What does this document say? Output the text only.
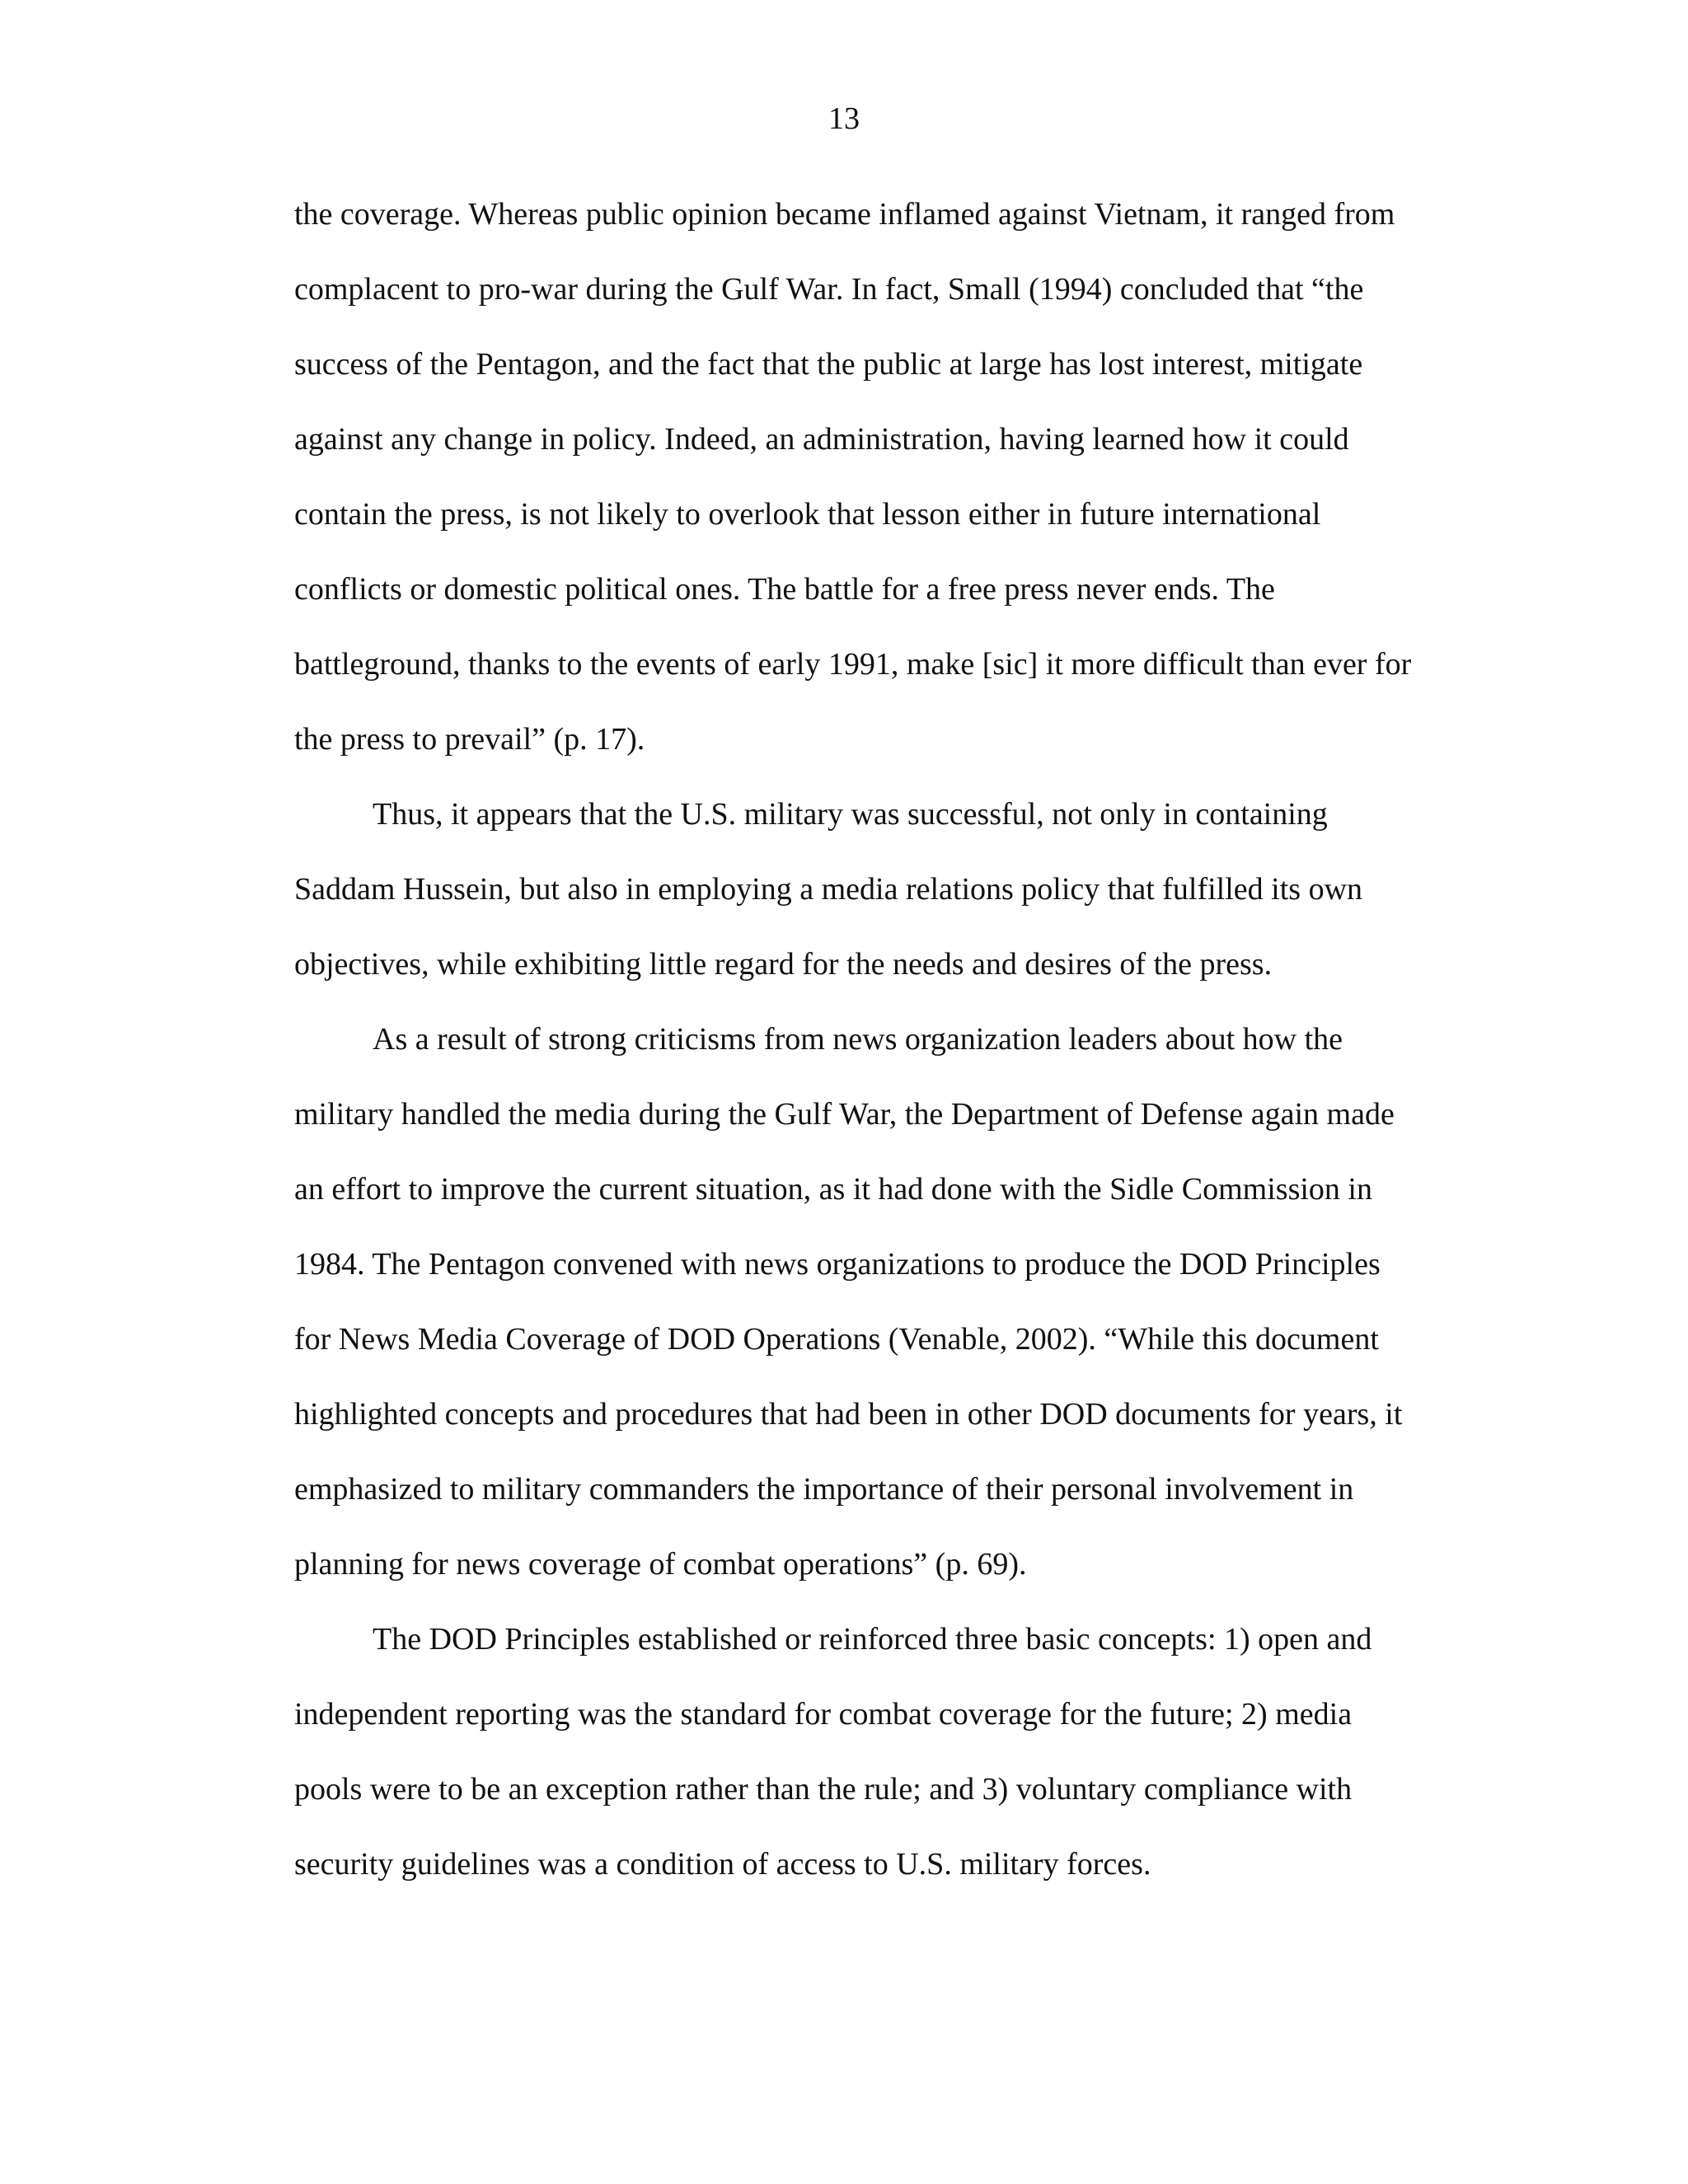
13
the coverage. Whereas public opinion became inflamed against Vietnam, it ranged from
complacent to pro-war during the Gulf War. In fact, Small (1994) concluded that “the
success of the Pentagon, and the fact that the public at large has lost interest, mitigate
against any change in policy. Indeed, an administration, having learned how it could
contain the press, is not likely to overlook that lesson either in future international
conflicts or domestic political ones. The battle for a free press never ends. The
battleground, thanks to the events of early 1991, make [sic] it more difficult than ever for
the press to prevail” (p. 17).
Thus, it appears that the U.S. military was successful, not only in containing
Saddam Hussein, but also in employing a media relations policy that fulfilled its own
objectives, while exhibiting little regard for the needs and desires of the press.
As a result of strong criticisms from news organization leaders about how the
military handled the media during the Gulf War, the Department of Defense again made
an effort to improve the current situation, as it had done with the Sidle Commission in
1984. The Pentagon convened with news organizations to produce the DOD Principles
for News Media Coverage of DOD Operations (Venable, 2002). “While this document
highlighted concepts and procedures that had been in other DOD documents for years, it
emphasized to military commanders the importance of their personal involvement in
planning for news coverage of combat operations” (p. 69).
The DOD Principles established or reinforced three basic concepts: 1) open and
independent reporting was the standard for combat coverage for the future; 2) media
pools were to be an exception rather than the rule; and 3) voluntary compliance with
security guidelines was a condition of access to U.S. military forces.
